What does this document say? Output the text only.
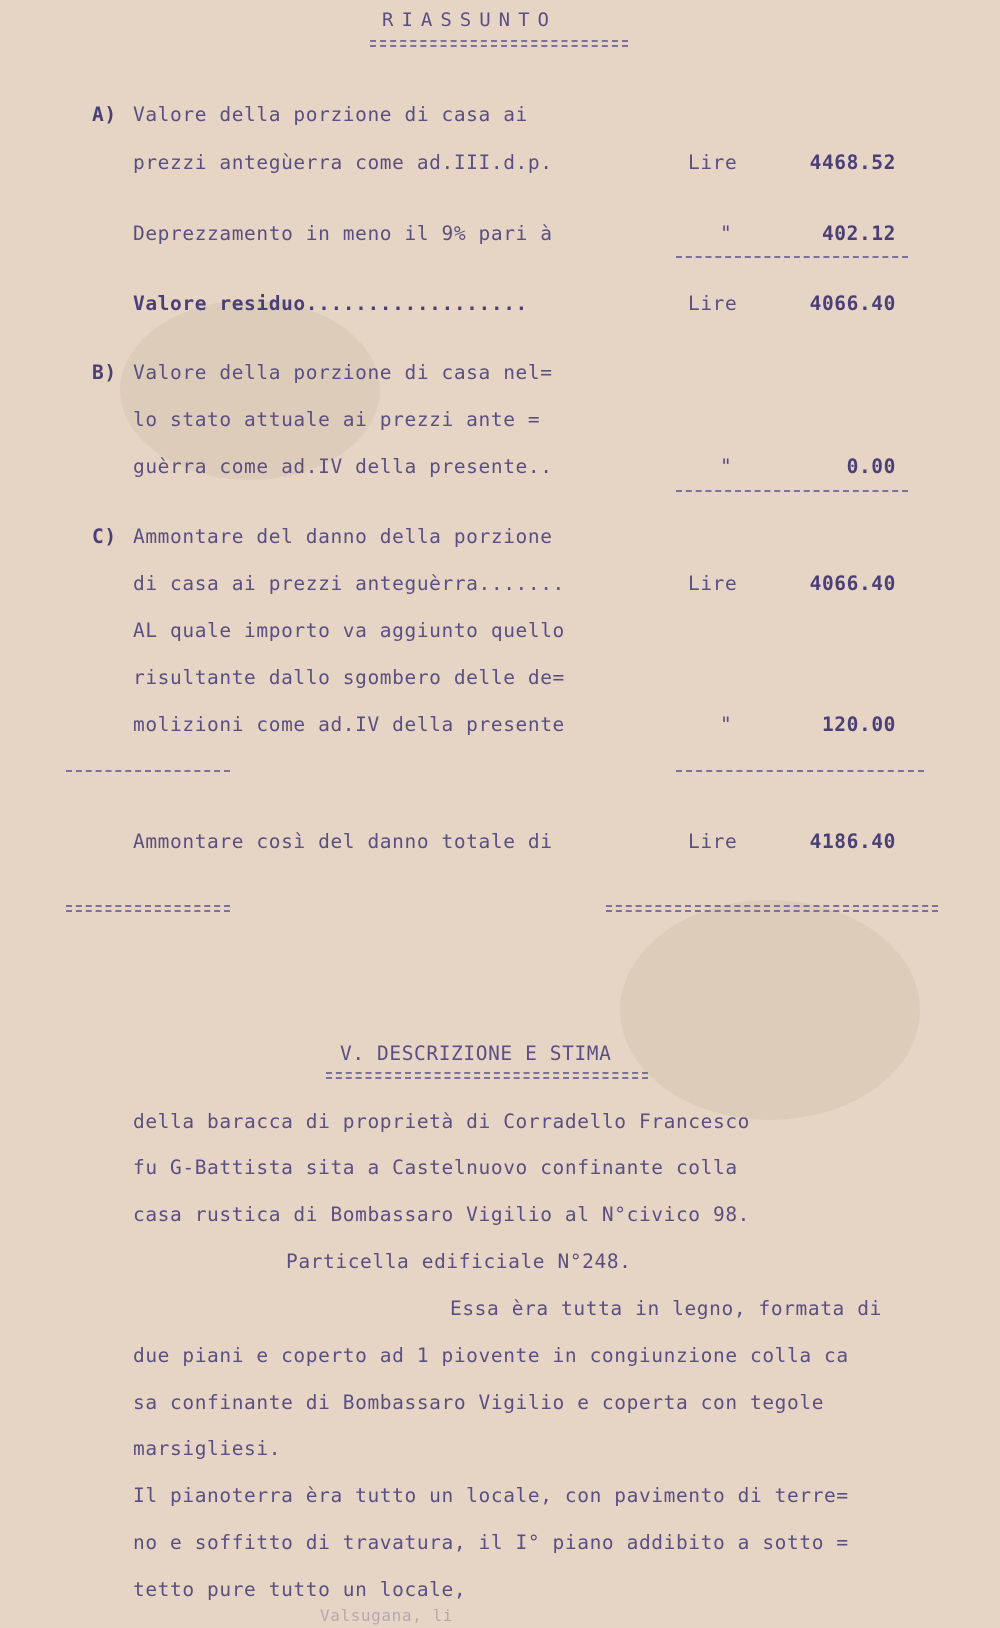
RIASSUNTO
A) Valore della porzione di casa ai
prezzi antegùerra come ad.III.d.p.	Lire	4468.52
Deprezzamento in meno il 9% pari à	"	402.12
Valore residuo..................	Lire	4066.40
B) Valore della porzione di casa nel=
lo stato attuale ai prezzi ante =
guèrra come ad.IV della presente..	"	0.00
C) Ammontare del danno della porzione
di casa ai prezzi anteguèrra.......	Lire	4066.40
AL quale importo va aggiunto quello
risultante dallo sgombero delle de=
molizioni come ad.IV della presente	"	120.00
Ammontare così del danno totale di	Lire	4186.40
V. DESCRIZIONE E STIMA
della baracca di proprietà di Corradello Francesco
fu G-Battista sita a Castelnuovo confinante colla
casa rustica di Bombassaro Vigilio al N°civico 98.
Particella edificiale N°248.
Essa èra tutta in legno, formata di
due piani e coperto ad 1 piovente in congiunzione colla ca
sa confinante di Bombassaro Vigilio e coperta con tegole
marsigliesi.
Il pianoterra èra tutto un locale, con pavimento di terre=
no e soffitto di travatura, il I° piano addibito a sotto =
tetto pure tutto un locale,
Valsugana, li
